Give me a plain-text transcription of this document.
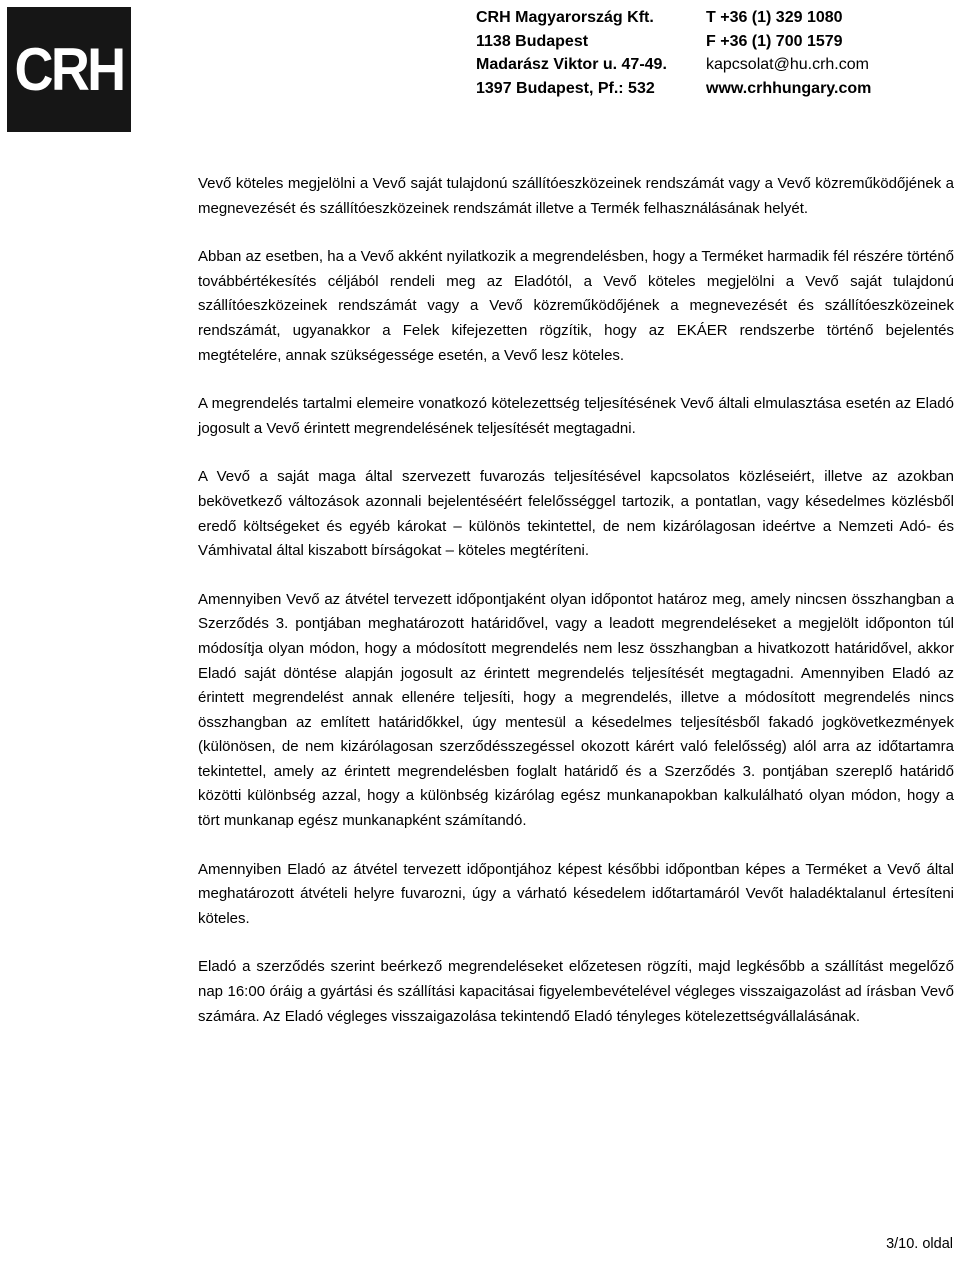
CRH
CRH Magyarország Kft.
1138 Budapest
Madarász Viktor u. 47-49.
1397 Budapest, Pf.: 532
T +36 (1) 329 1080
F +36 (1) 700 1579
kapcsolat@hu.crh.com
www.crhhungary.com

Vevő köteles megjelölni a Vevő saját tulajdonú szállítóeszközeinek rendszámát vagy a Vevő közreműködőjének a megnevezését és szállítóeszközeinek rendszámát illetve a Termék felhasználásának helyét.

Abban az esetben, ha a Vevő akként nyilatkozik a megrendelésben, hogy a Terméket harmadik fél részére történő továbbértékesítés céljából rendeli meg az Eladótól, a Vevő köteles megjelölni a Vevő saját tulajdonú szállítóeszközeinek rendszámát vagy a Vevő közreműködőjének a megnevezését és szállítóeszközeinek rendszámát, ugyanakkor a Felek kifejezetten rögzítik, hogy az EKÁER rendszerbe történő bejelentés megtételére, annak szükségessége esetén, a Vevő lesz köteles.

A megrendelés tartalmi elemeire vonatkozó kötelezettség teljesítésének Vevő általi elmulasztása esetén az Eladó jogosult a Vevő érintett megrendelésének teljesítését megtagadni.

A Vevő a saját maga által szervezett fuvarozás teljesítésével kapcsolatos közléseiért, illetve az azokban bekövetkező változások azonnali bejelentéséért felelősséggel tartozik, a pontatlan, vagy késedelmes közlésből eredő költségeket és egyéb károkat – különös tekintettel, de nem kizárólagosan ideértve a Nemzeti Adó- és Vámhivatal által kiszabott bírságokat – köteles megtéríteni.

Amennyiben Vevő az átvétel tervezett időpontjaként olyan időpontot határoz meg, amely nincsen összhangban a Szerződés 3. pontjában meghatározott határidővel, vagy a leadott megrendeléseket a megjelölt időponton túl módosítja olyan módon, hogy a módosított megrendelés nem lesz összhangban a hivatkozott határidővel, akkor Eladó saját döntése alapján jogosult az érintett megrendelés teljesítését megtagadni. Amennyiben Eladó az érintett megrendelést annak ellenére teljesíti, hogy a megrendelés, illetve a módosított megrendelés nincs összhangban az említett határidőkkel, úgy mentesül a késedelmes teljesítésből fakadó jogkövetkezmények (különösen, de nem kizárólagosan szerződésszegéssel okozott kárért való felelősség) alól arra az időtartamra tekintettel, amely az érintett megrendelésben foglalt határidő és a Szerződés 3. pontjában szereplő határidő közötti különbség azzal, hogy a különbség kizárólag egész munkanapokban kalkulálható olyan módon, hogy a tört munkanap egész munkanapként számítandó.

Amennyiben Eladó az átvétel tervezett időpontjához képest későbbi időpontban képes a Terméket a Vevő által meghatározott átvételi helyre fuvarozni, úgy a várható késedelem időtartamáról Vevőt haladéktalanul értesíteni köteles.

Eladó a szerződés szerint beérkező megrendeléseket előzetesen rögzíti, majd legkésőbb a szállítást megelőző nap 16:00 óráig a gyártási és szállítási kapacitásai figyelembevételével végleges visszaigazolást ad írásban Vevő számára. Az Eladó végleges visszaigazolása tekintendő Eladó tényleges kötelezettségvállalásának.

3/10. oldal
